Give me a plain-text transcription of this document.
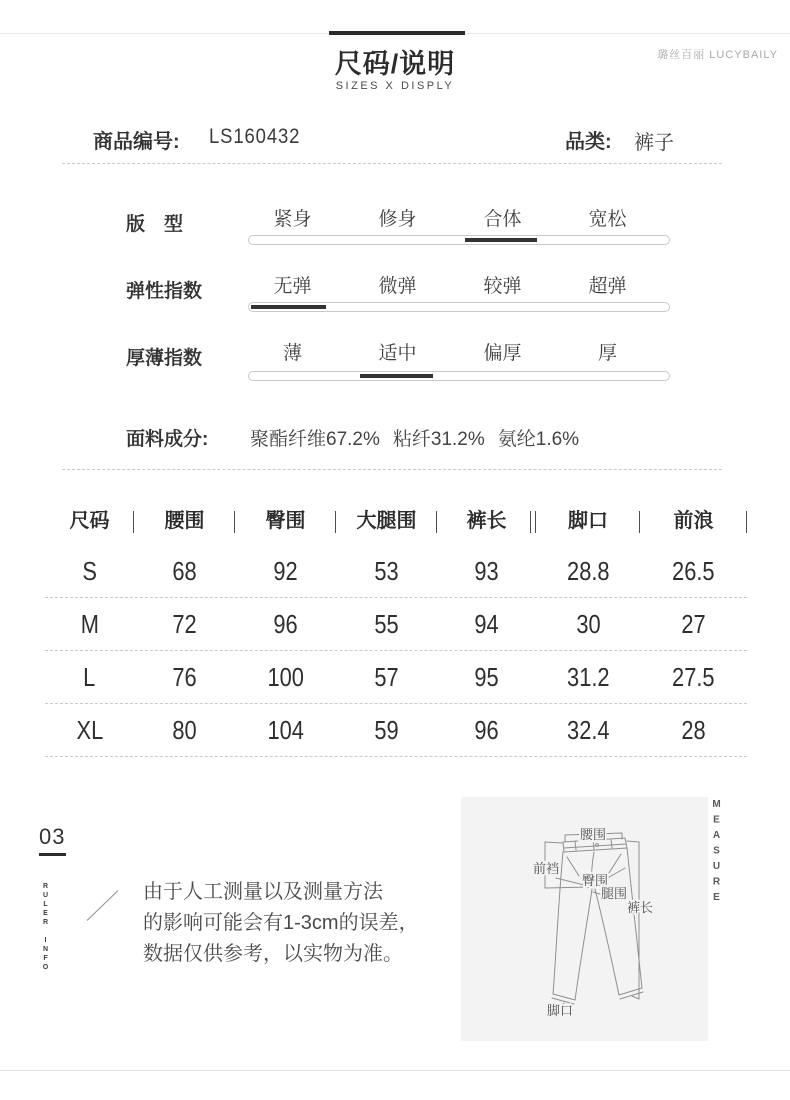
尺码/说明
SIZES X DISPLY
璐丝百丽 LUCYBAILY
商品编号: LS160432	品类: 裤子
版　型	紧身	修身	合体	宽松
弹性指数	无弹	微弹	较弹	超弹
厚薄指数	薄	适中	偏厚	厚
面料成分: 聚酯纤维67.2% 粘纤31.2% 氨纶1.6%
尺码	腰围	臀围	大腿围	裤长	脚口	前浪
S	68	92	53	93	28.8	26.5
M	72	96	55	94	30	27
L	76	100	57	95	31.2	27.5
XL	80	104	59	96	32.4	28
03
RULER INFO	由于人工测量以及测量方法
的影响可能会有1-3cm的误差，
数据仅供参考，以实物为准。
腰围
前裆
臀围
腿围
裤长
脚口
MEASURE
